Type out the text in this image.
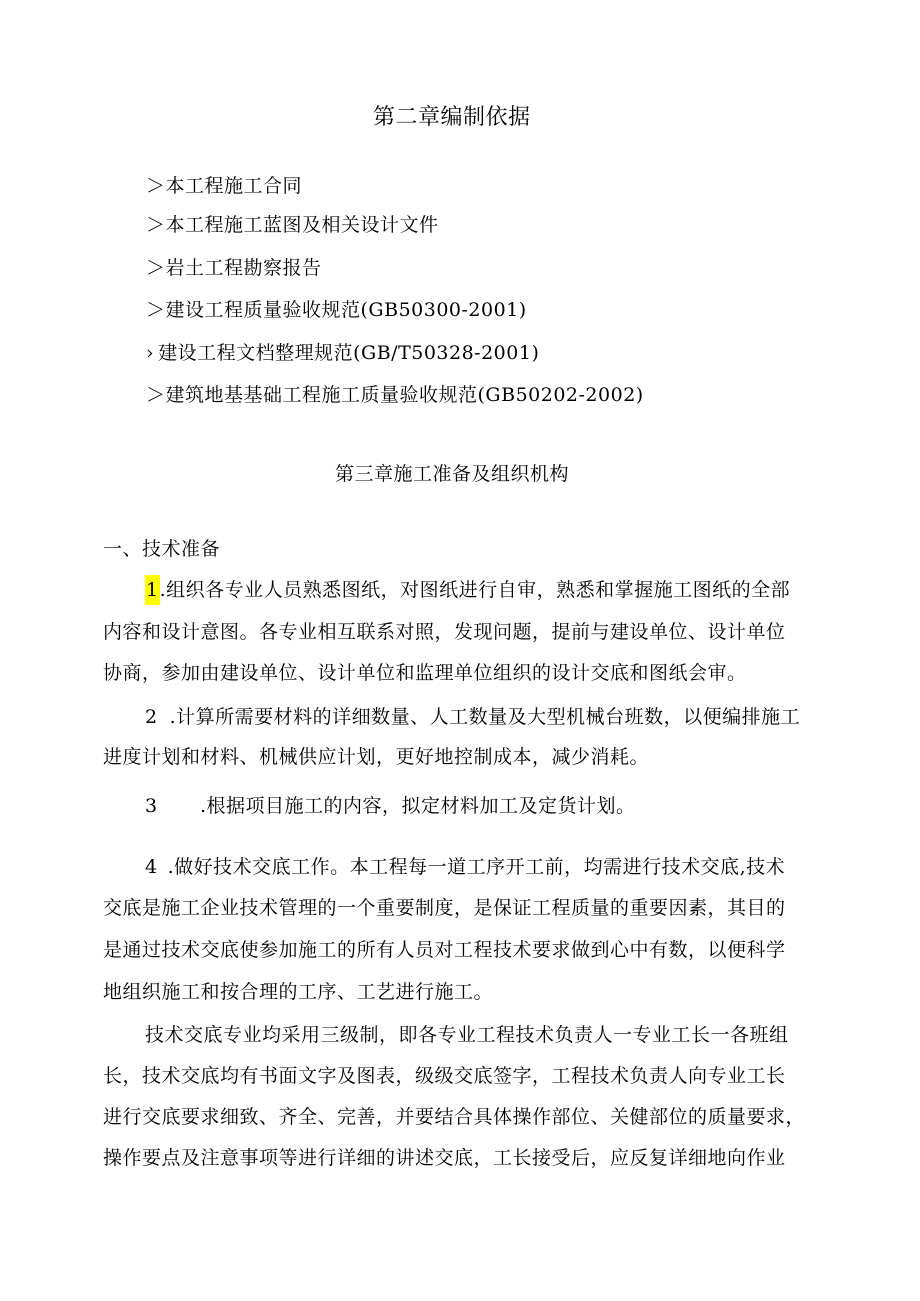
第二章编制依据
＞本工程施工合同
＞本工程施工蓝图及相关设计文件
＞岩土工程勘察报告
＞建设工程质量验收规范(GB50300-2001)
› 建设工程文档整理规范(GB/T50328-2001)
＞建筑地基基础工程施工质量验收规范(GB50202-2002)
第三章施工准备及组织机构
一、技术准备
1.组织各专业人员熟悉图纸，对图纸进行自审，熟悉和掌握施工图纸的全部
内容和设计意图。各专业相互联系对照，发现问题，提前与建设单位、设计单位
协商，参加由建设单位、设计单位和监理单位组织的设计交底和图纸会审。
2 .计算所需要材料的详细数量、人工数量及大型机械台班数，以便编排施工
进度计划和材料、机械供应计划，更好地控制成本，减少消耗。
3 .根据项目施工的内容，拟定材料加工及定货计划。
4 .做好技术交底工作。本工程每一道工序开工前，均需进行技术交底,技术
交底是施工企业技术管理的一个重要制度，是保证工程质量的重要因素，其目的
是通过技术交底使参加施工的所有人员对工程技术要求做到心中有数，以便科学
地组织施工和按合理的工序、工艺进行施工。
技术交底专业均采用三级制，即各专业工程技术负责人一专业工长一各班组
长，技术交底均有书面文字及图表，级级交底签字，工程技术负责人向专业工长
进行交底要求细致、齐全、完善，并要结合具体操作部位、关健部位的质量要求，
操作要点及注意事项等进行详细的讲述交底，工长接受后，应反复详细地向作业
